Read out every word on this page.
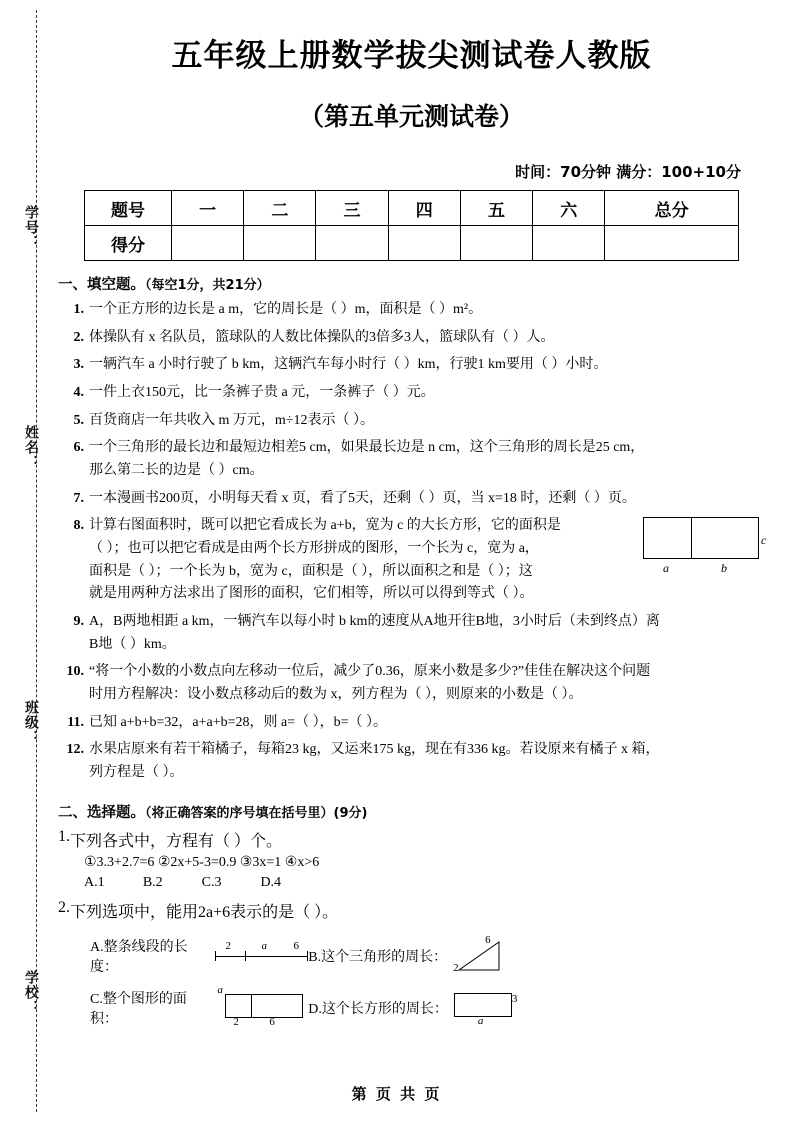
学号：
姓名：
班级：
学校：
五年级上册数学拔尖测试卷人教版
（第五单元测试卷）
时间：70分钟 满分：100+10分
题号	一	二	三	四	五	六	总分
得分							
一、填空题。（每空1分，共21分）
1. 一个正方形的边长是 a m，它的周长是（ ）m，面积是（ ）m²。
2. 体操队有 x 名队员，篮球队的人数比体操队的3倍多3人，篮球队有（ ）人。
3. 一辆汽车 a 小时行驶了 b km，这辆汽车每小时行（ ）km，行驶1 km要用（ ）小时。
4. 一件上衣150元，比一条裤子贵 a 元，一条裤子（ ）元。
5. 百货商店一年共收入 m 万元，m÷12表示（ ）。
6. 一个三角形的最长边和最短边相差5 cm，如果最长边是 n cm，这个三角形的周长是25 cm，
那么第二长的边是（ ）cm。
7. 一本漫画书200页，小明每天看 x 页，看了5天，还剩（ ）页，当 x=18 时，还剩（ ）页。
8. 计算右图面积时，既可以把它看成长为 a+b，宽为 c 的大长方形，它的面积是
（ ）；也可以把它看成是由两个长方形拼成的图形，一个长为 c，宽为 a，
面积是（ ）；一个长为 b，宽为 c，面积是（ ），所以面积之和是（ ）；这
就是用两种方法求出了图形的面积，它们相等，所以可以得到等式（ ）。
a	b
c
9. A，B两地相距 a km，一辆汽车以每小时 b km的速度从A地开往B地，3小时后（未到终点）离
B地（ ）km。
10. “将一个小数的小数点向左移动一位后，减少了0.36，原来小数是多少?”佳佳在解决这个问题
时用方程解决：设小数点移动后的数为 x，列方程为（ ），则原来的小数是（ ）。
11. 已知 a+b+b=32，a+a+b=28，则 a=（ ），b=（ ）。
12. 水果店原来有若干箱橘子，每箱23 kg，又运来175 kg，现在有336 kg。若设原来有橘子 x 箱，
列方程是（ ）。
二、选择题。（将正确答案的序号填在括号里）(9分)
1. 下列各式中，方程有（ ）个。
①3.3+2.7=6 ②2x+5-3=0.9 ③3x=1 ④x>6
A.1	B.2	C.3	D.4
2. 下列选项中，能用2a+6表示的是（ ）。
A.整条线段的长度：
2	a 6
B.这个三角形的周长：
6
2
C.整个图形的面积：
a
2	6
D.这个长方形的周长：
3
a
第 页 共 页
